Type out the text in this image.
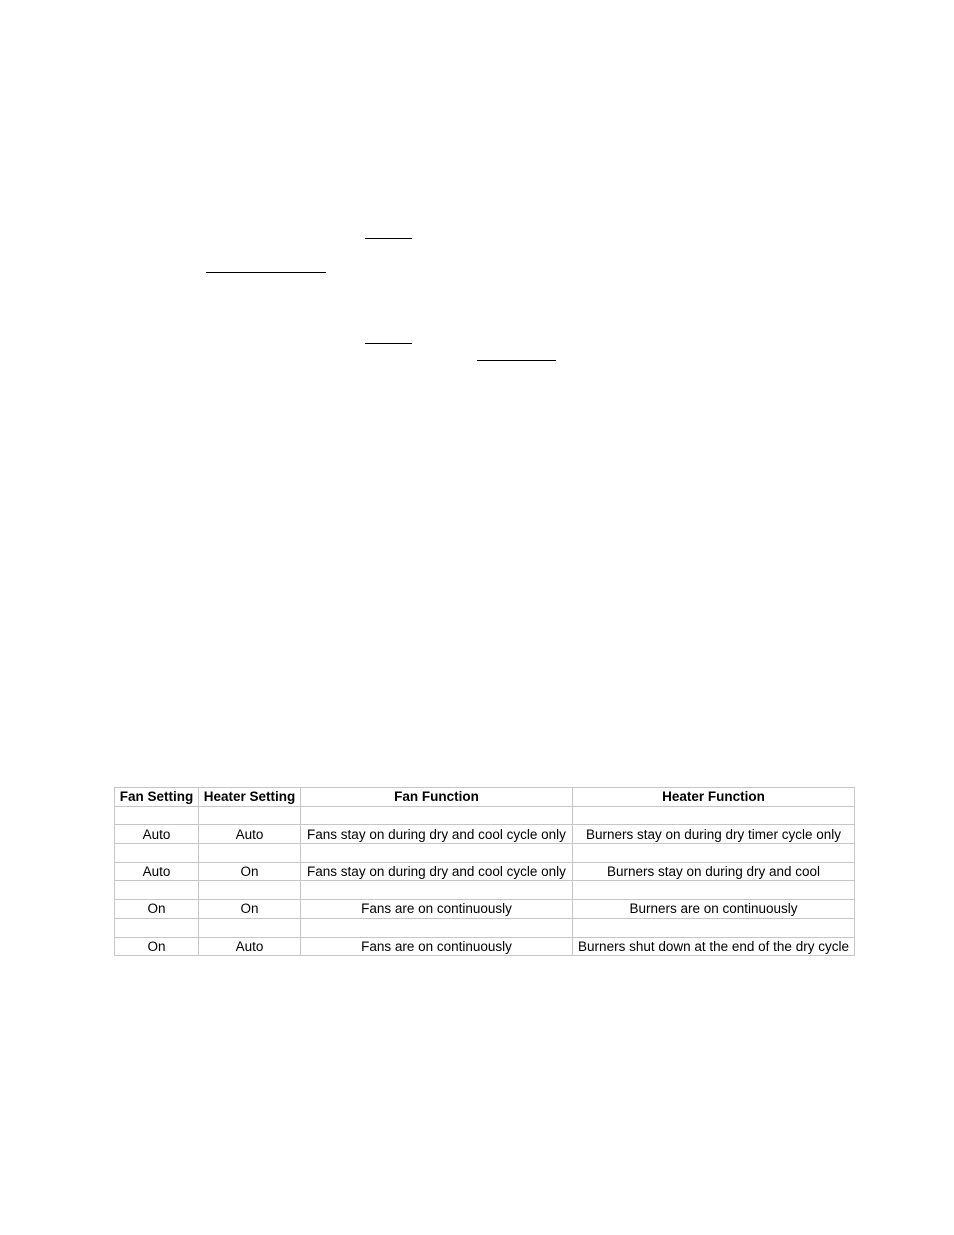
Fan Setting	Heater Setting	Fan Function	Heater Function

Auto	Auto	Fans stay on during dry and cool cycle only	Burners stay on during dry timer cycle only

Auto	On	Fans stay on during dry and cool cycle only	Burners stay on during dry and cool

On	On	Fans are on continuously	Burners are on continuously

On	Auto	Fans are on continuously	Burners shut down at the end of the dry cycle
